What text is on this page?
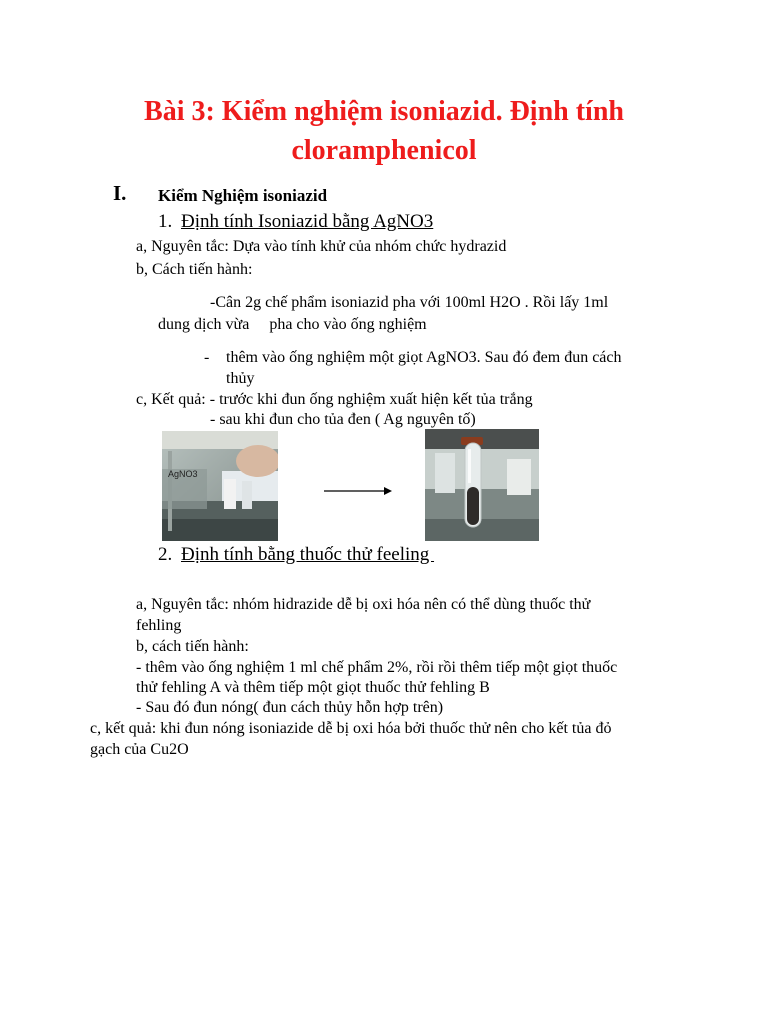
Bài 3: Kiểm nghiệm isoniazid. Định tính
cloramphenicol
I. Kiểm Nghiệm isoniazid
1. Định tính Isoniazid bằng AgNO3
a, Nguyên tắc: Dựa vào tính khử của nhóm chức hydrazid
b, Cách tiến hành:
-Cân 2g chế phẩm isoniazid pha với 100ml H2O . Rồi lấy 1ml
dung dịch vừa     pha cho vào ống nghiệm
- thêm vào ống nghiệm một giọt AgNO3. Sau đó đem đun cách
thủy
c, Kết quả: - trước khi đun ống nghiệm xuất hiện kết tủa trắng
- sau khi đun cho tủa đen ( Ag nguyên tố)
AgNO3
2. Định tính bằng thuốc thử feeling
a, Nguyên tắc: nhóm hidrazide dễ bị oxi hóa nên có thể dùng thuốc thử
fehling
b, cách tiến hành:
- thêm vào ống nghiệm 1 ml chế phẩm 2%, rồi rồi thêm tiếp một giọt thuốc
thử fehling A và thêm tiếp một giọt thuốc thử fehling B
- Sau đó đun nóng( đun cách thủy hỗn hợp trên)
c, kết quả: khi đun nóng isoniazide dễ bị oxi hóa bởi thuốc thử nên cho kết tủa đỏ
gạch của Cu2O
